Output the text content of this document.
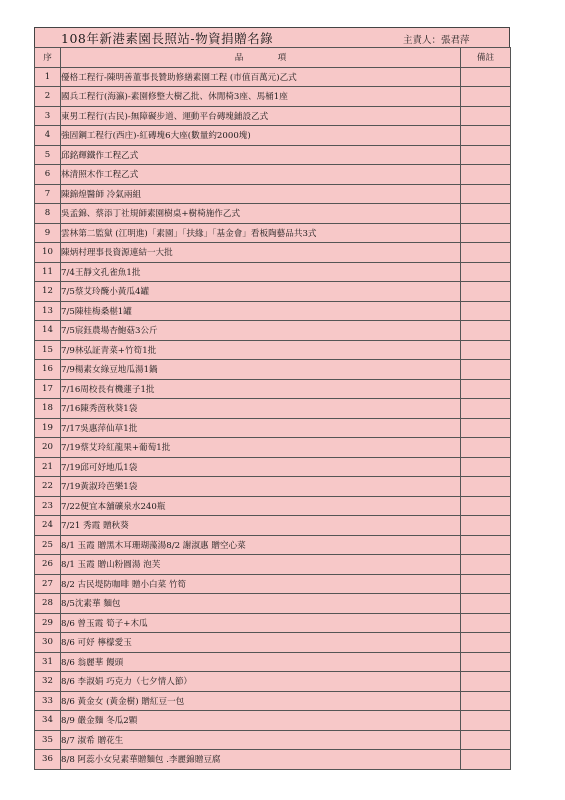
108年新港素園長照站-物資捐贈名錄	主責人：張君萍
序	品　　　　項	備註
1	優格工程行-陳明善董事長贊助修繕素園工程 (市值百萬元)乙式	
2	國兵工程行(海瀛)-素園修整大樹乙批、休閒椅3座、馬桶1座	
3	東男工程行(古民)-無障礙步道、運動平台磚塊鋪設乙式	
4	強固鋼工程行(西庄)-紅磚塊6大座(數量約2000塊)	
5	邱銘輝鐵作工程乙式	
6	林清照木作工程乙式	
7	陳錦煌醫師 冷氣兩組	
8	吳孟錦、蔡添丁社規師素園樹桌+樹椅施作乙式	
9	雲林第二監獄 (江明進)「素園」「扶緣」「基金會」看板陶藝品共3式	
10	陳炳村理事長資源連結一大批	
11	7/4王靜文孔雀魚1批	
12	7/5蔡艾玲醃小黃瓜4罐	
13	7/5陳桂梅桑椹1罐	
14	7/5宸鈺農場杏鮑菇3公斤	
15	7/9林弘証青菜+竹筍1批	
16	7/9楊素女綠豆地瓜湯1鍋	
17	7/16周校長有機蓮子1批	
18	7/16陳秀茵秋葵1袋	
19	7/17吳惠萍仙草1批	
20	7/19蔡艾玲紅龍果+葡萄1批	
21	7/19邱可妤地瓜1袋	
22	7/19黃淑玲芭樂1袋	
23	7/22便宜本舖礦泉水240瓶	
24	7/21 秀霞 贈秋葵	
25	8/1 玉霞 贈黑木耳珊瑚藻湯8/2 謝淑惠 贈空心菜	
26	8/1 玉霞 贈山粉圓湯 泡芙	
27	8/2 古民堤防咖啡 贈小白菜 竹筍	
28	8/5沈素華 麵包	
29	8/6 曾玉霞 筍子+木瓜	
30	8/6 可妤 檸檬愛玉	
31	8/6 翁麗華 饅頭	
32	8/6 李淑娟 巧克力（七夕情人節）	
33	8/6 黃金女 (黃金樹) 贈紅豆一包	
34	8/9 嚴金麵 冬瓜2顆	
35	8/7 淑希 贈花生	
36	8/8 阿蕊小女兒素華贈麵包 .李麗錦贈豆腐	
